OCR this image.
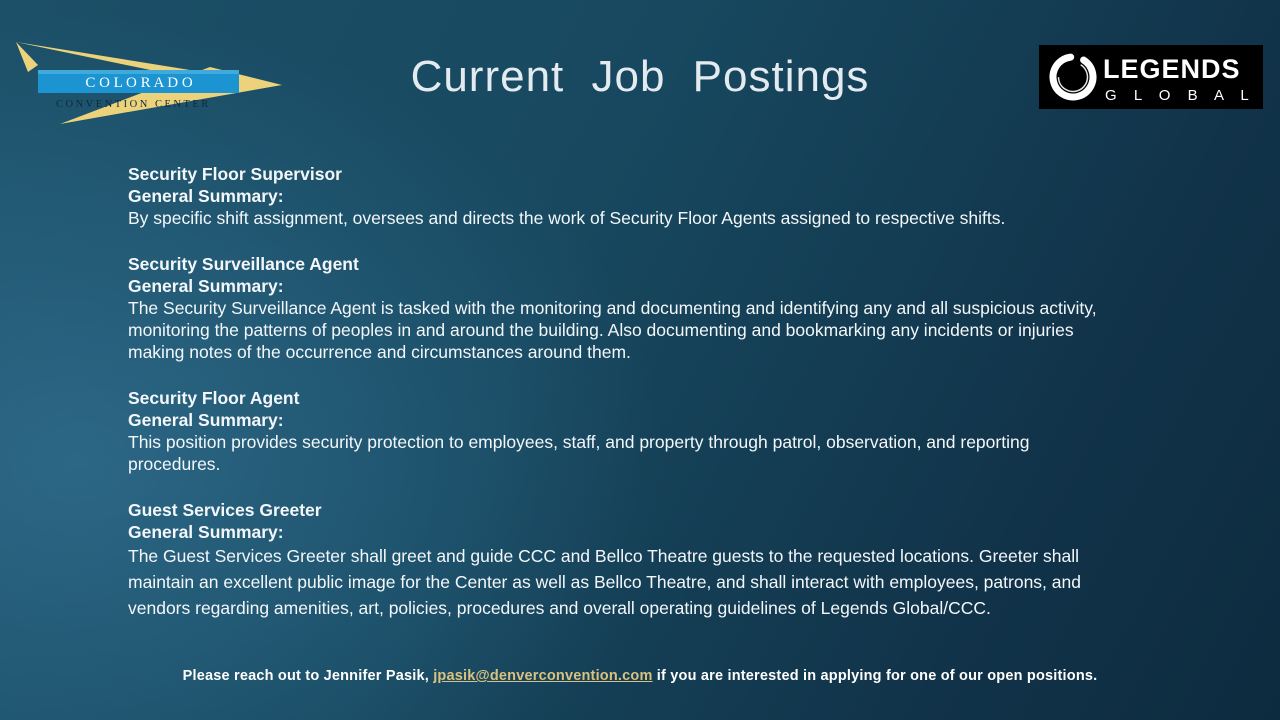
C O L O R A D O
CONVENTION CENTER
Current Job Postings	LEGENDS
G L O B A L
Security Floor Supervisor
General Summary:
By specific shift assignment, oversees and directs the work of Security Floor Agents assigned to respective shifts.
Security Surveillance Agent
General Summary:
The Security Surveillance Agent is tasked with the monitoring and documenting and identifying any and all suspicious activity, monitoring the patterns of peoples in and around the building. Also documenting and bookmarking any incidents or injuries making notes of the occurrence and circumstances around them.
Security Floor Agent
General Summary:
This position provides security protection to employees, staff, and property through patrol, observation, and reporting procedures.
Guest Services Greeter
General Summary:
The Guest Services Greeter shall greet and guide CCC and Bellco Theatre guests to the requested locations. Greeter shall maintain an excellent public image for the Center as well as Bellco Theatre, and shall interact with employees, patrons, and vendors regarding amenities, art, policies, procedures and overall operating guidelines of Legends Global/CCC.
Please reach out to Jennifer Pasik, jpasik@denverconvention.com if you are interested in applying for one of our open positions.
